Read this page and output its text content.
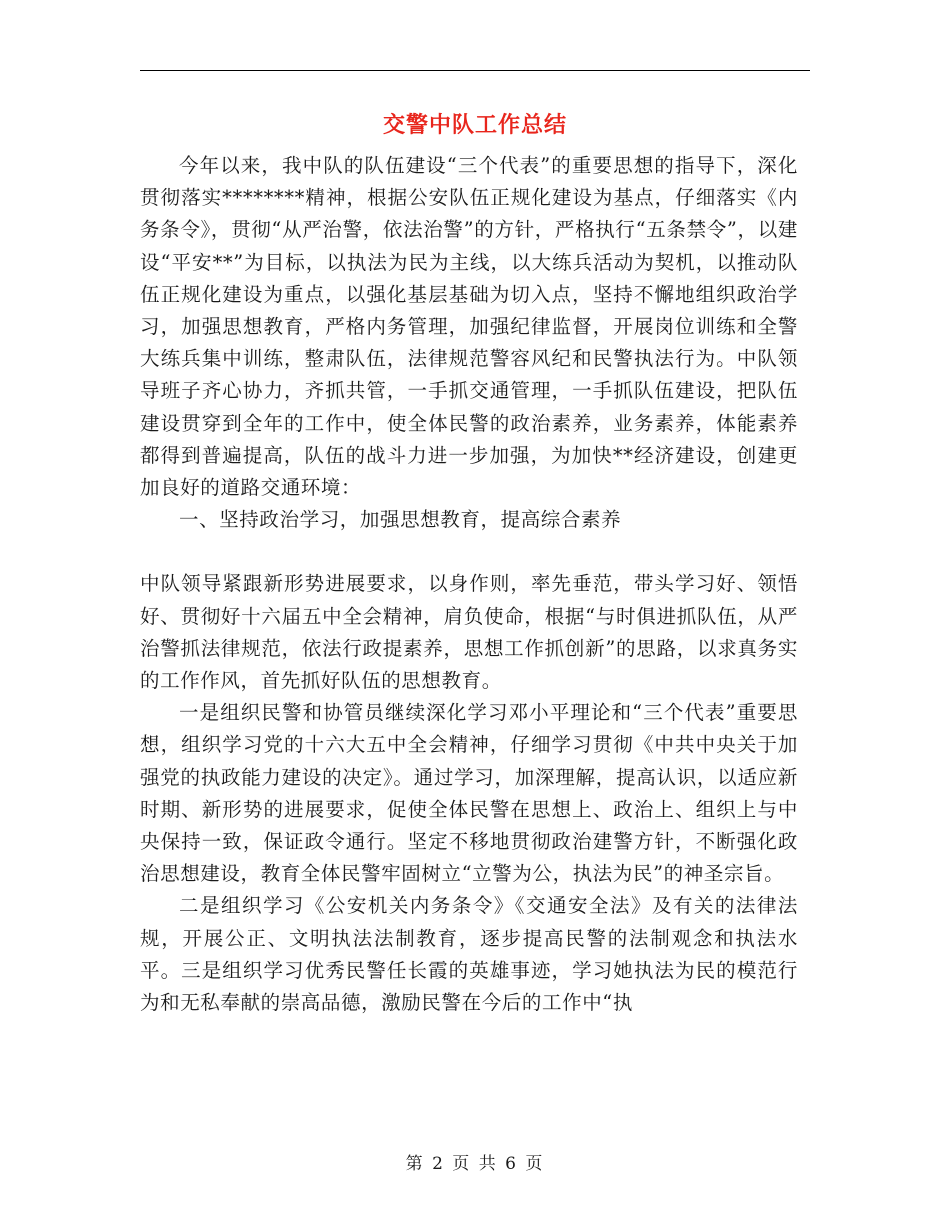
交警中队工作总结

今年以来，我中队的队伍建设“三个代表”的重要思想的指导下，深化贯彻落实********精神，根据公安队伍正规化建设为基点，仔细落实《内务条令》，贯彻“从严治警，依法治警”的方针，严格执行“五条禁令”，以建设“平安**”为目标，以执法为民为主线，以大练兵活动为契机，以推动队伍正规化建设为重点，以强化基层基础为切入点，坚持不懈地组织政治学习，加强思想教育，严格内务管理，加强纪律监督，开展岗位训练和全警大练兵集中训练，整肃队伍，法律规范警容风纪和民警执法行为。中队领导班子齐心协力，齐抓共管，一手抓交通管理，一手抓队伍建设，把队伍建设贯穿到全年的工作中，使全体民警的政治素养，业务素养，体能素养都得到普遍提高，队伍的战斗力进一步加强，为加快**经济建设，创建更加良好的道路交通环境：

一、坚持政治学习，加强思想教育，提高综合素养

中队领导紧跟新形势进展要求，以身作则，率先垂范，带头学习好、领悟好、贯彻好十六届五中全会精神，肩负使命，根据“与时俱进抓队伍，从严治警抓法律规范，依法行政提素养，思想工作抓创新”的思路，以求真务实的工作作风，首先抓好队伍的思想教育。

一是组织民警和协管员继续深化学习邓小平理论和“三个代表”重要思想，组织学习党的十六大五中全会精神，仔细学习贯彻《中共中央关于加强党的执政能力建设的决定》。通过学习，加深理解，提高认识，以适应新时期、新形势的进展要求，促使全体民警在思想上、政治上、组织上与中央保持一致，保证政令通行。坚定不移地贯彻政治建警方针，不断强化政治思想建设，教育全体民警牢固树立“立警为公，执法为民”的神圣宗旨。

二是组织学习《公安机关内务条令》《交通安全法》及有关的法律法规，开展公正、文明执法法制教育，逐步提高民警的法制观念和执法水平。三是组织学习优秀民警任长霞的英雄事迹，学习她执法为民的模范行为和无私奉献的崇高品德，激励民警在今后的工作中“执

第 2 页 共 6 页
